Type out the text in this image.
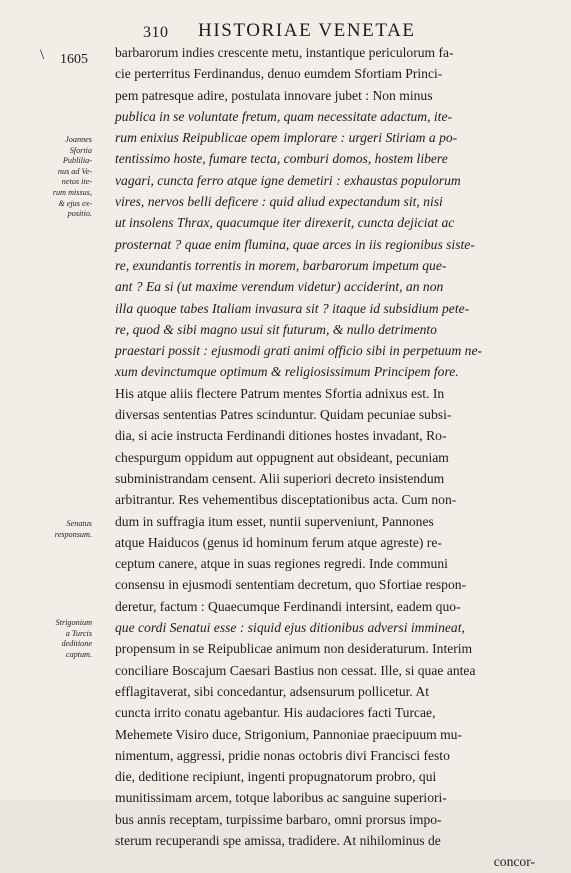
310 HISTORIAE VENETAE
\ 1605
Joannes
Sfortia
Publilia-
nus ad Ve-
netos ite-
rum missus,
& ejus ex-
positio.
Senatus
responsum.
Strigonium
a Turcis
deditione
captum.
barbarorum indies crescente metu, instantique periculorum fa-
cie perterritus Ferdinandus, denuo eumdem Sfortiam Princi-
pem patresque adire, postulata innovare jubet : Non minus
publica in se voluntate fretum, quam necessitate adactum, ite-
rum enixius Reipublicae opem implorare : urgeri Stiriam a po-
tentissimo hoste, fumare tecta, comburi domos, hostem libere
vagari, cuncta ferro atque igne demetiri : exhaustas populorum
vires, nervos belli deficere : quid aliud expectandum sit, nisi
ut insolens Thrax, quacumque iter direxerit, cuncta dejiciat ac
prosternat ? quae enim flumina, quae arces in iis regionibus siste-
re, exundantis torrentis in morem, barbarorum impetum que-
ant ? Ea si (ut maxime verendum videtur) acciderint, an non
illa quoque tabes Italiam invasura sit ? itaque id subsidium pete-
re, quod & sibi magno usui sit futurum, & nullo detrimento
praestari possit : ejusmodi grati animi officio sibi in perpetuum ne-
xum devinctumque optimum & religiosissimum Principem fore.
His atque aliis flectere Patrum mentes Sfortia adnixus est. In
diversas sententias Patres scinduntur. Quidam pecuniae subsi-
dia, si acie instructa Ferdinandi ditiones hostes invadant, Ro-
chespurgum oppidum aut oppugnent aut obsideant, pecuniam
subministrandam censent. Alii superiori decreto insistendum
arbitrantur. Res vehementibus disceptationibus acta. Cum non-
dum in suffragia itum esset, nuntii superveniunt, Pannones
atque Haiducos (genus id hominum ferum atque agreste) re-
ceptum canere, atque in suas regiones regredi. Inde communi
consensu in ejusmodi sententiam decretum, quo Sfortiae respon-
deretur, factum : Quaecumque Ferdinandi intersint, eadem quo-
que cordi Senatui esse : siquid ejus ditionibus adversi immineat,
propensum in se Reipublicae animum non desideraturum. Interim
conciliare Boscajum Caesari Bastius non cessat. Ille, si quae antea
efflagitaverat, sibi concedantur, adsensurum pollicetur. At
cuncta irrito conatu agebantur. His audaciores facti Turcae,
Mehemete Visiro duce, Strigonium, Pannoniae praecipuum mu-
nimentum, aggressi, pridie nonas octobris divi Francisci festo
die, deditione recipiunt, ingenti propugnatorum probro, qui
munitissimam arcem, totque laboribus ac sanguine superiori-
bus annis receptam, turpissime barbaro, omni prorsus impo-
sterum recuperandi spe amissa, tradidere. At nihilominus de
concor-
